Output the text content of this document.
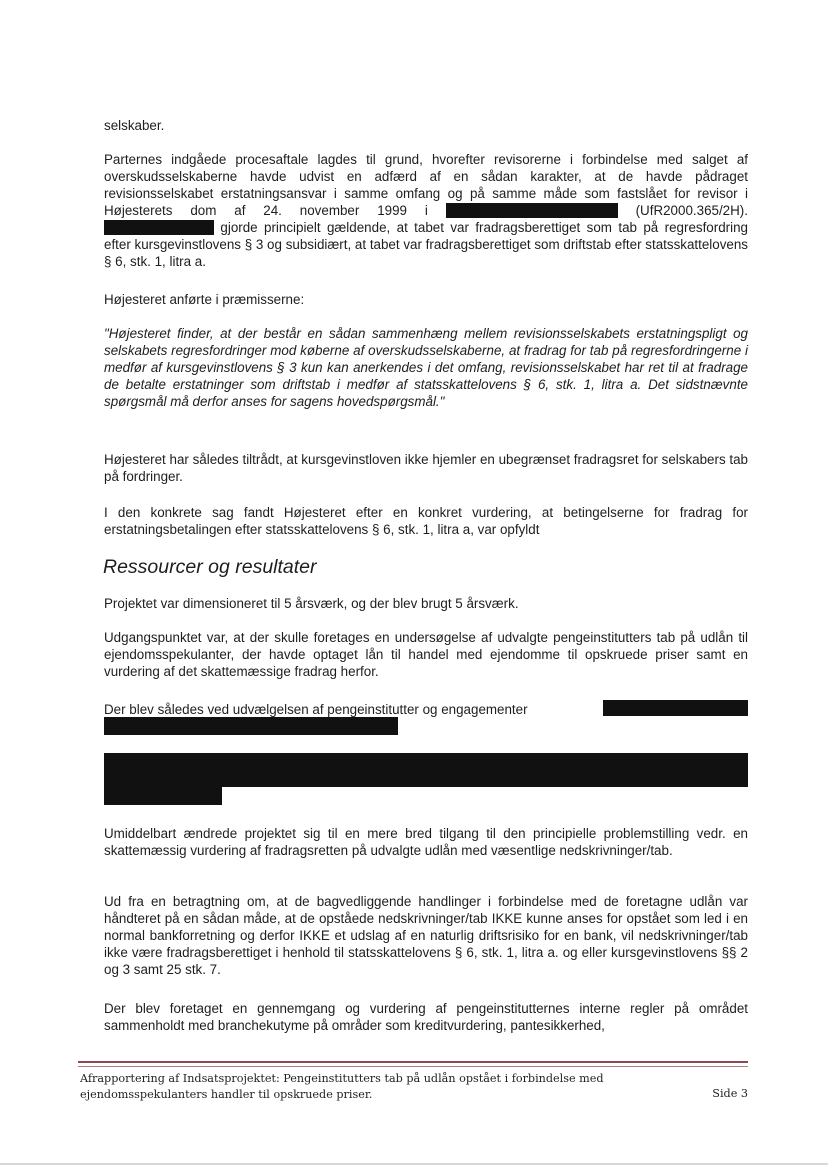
selskaber.

Parternes indgåede procesaftale lagdes til grund, hvorefter revisorerne i forbindelse med salget af overskudsselskaberne havde udvist en adfærd af en sådan karakter, at de havde pådraget revisionsselskabet erstatningsansvar i samme omfang og på samme måde som fastslået for revisor i Højesterets dom af 24. november 1999 i	(UfR2000.365/2H).  gjorde principielt gældende, at tabet var fradragsberettiget som tab på regresfordring efter kursgevinstlovens § 3 og subsidiært, at tabet var fradragsberettiget som driftstab efter statsskattelovens § 6, stk. 1, litra a.

Højesteret anførte i præmisserne:

"Højesteret finder, at der består en sådan sammenhæng mellem revisionsselskabets erstatningspligt og selskabets regresfordringer mod køberne af overskudsselskaberne, at fradrag for tab på regresfordringerne i medfør af kursgevinstlovens § 3 kun kan anerkendes i det omfang, revisionsselskabet har ret til at fradrage de betalte erstatninger som driftstab i medfør af statsskattelovens § 6, stk. 1, litra a. Det sidstnævnte spørgsmål må derfor anses for sagens hovedspørgsmål."

Højesteret har således tiltrådt, at kursgevinstloven ikke hjemler en ubegrænset fradragsret for selskabers tab på fordringer.

I den konkrete sag fandt Højesteret efter en konkret vurdering, at betingelserne for fradrag for erstatningsbetalingen efter statsskattelovens § 6, stk. 1, litra a, var opfyldt

Ressourcer og resultater

Projektet var dimensioneret til 5 årsværk, og der blev brugt 5 årsværk.

Udgangspunktet var, at der skulle foretages en undersøgelse af udvalgte pengeinstitutters tab på udlån til ejendomsspekulanter, der havde optaget lån til handel med ejendomme til opskruede priser samt en vurdering af det skattemæssige fradrag herfor.

Der blev således ved udvælgelsen af pengeinstitutter og engagementer

Umiddelbart ændrede projektet sig til en mere bred tilgang til den principielle problemstilling vedr. en skattemæssig vurdering af fradragsretten på udvalgte udlån med væsentlige nedskrivninger/tab.

Ud fra en betragtning om, at de bagvedliggende handlinger i forbindelse med de foretagne udlån var håndteret på en sådan måde, at de opståede nedskrivninger/tab IKKE kunne anses for opstået som led i en normal bankforretning og derfor IKKE et udslag af en naturlig driftsrisiko for en bank, vil nedskrivninger/tab ikke være fradragsberettiget i henhold til statsskattelovens § 6, stk. 1, litra a. og eller kursgevinstlovens §§ 2 og 3 samt 25 stk. 7.

Der blev foretaget en gennemgang og vurdering af pengeinstitutternes interne regler på området sammenholdt med branchekutyme på områder som kreditvurdering, pantesikkerhed,

Afrapportering af Indsatsprojektet: Pengeinstitutters tab på udlån opstået i forbindelse med
ejendomsspekulanters handler til opskruede priser.	Side 3
